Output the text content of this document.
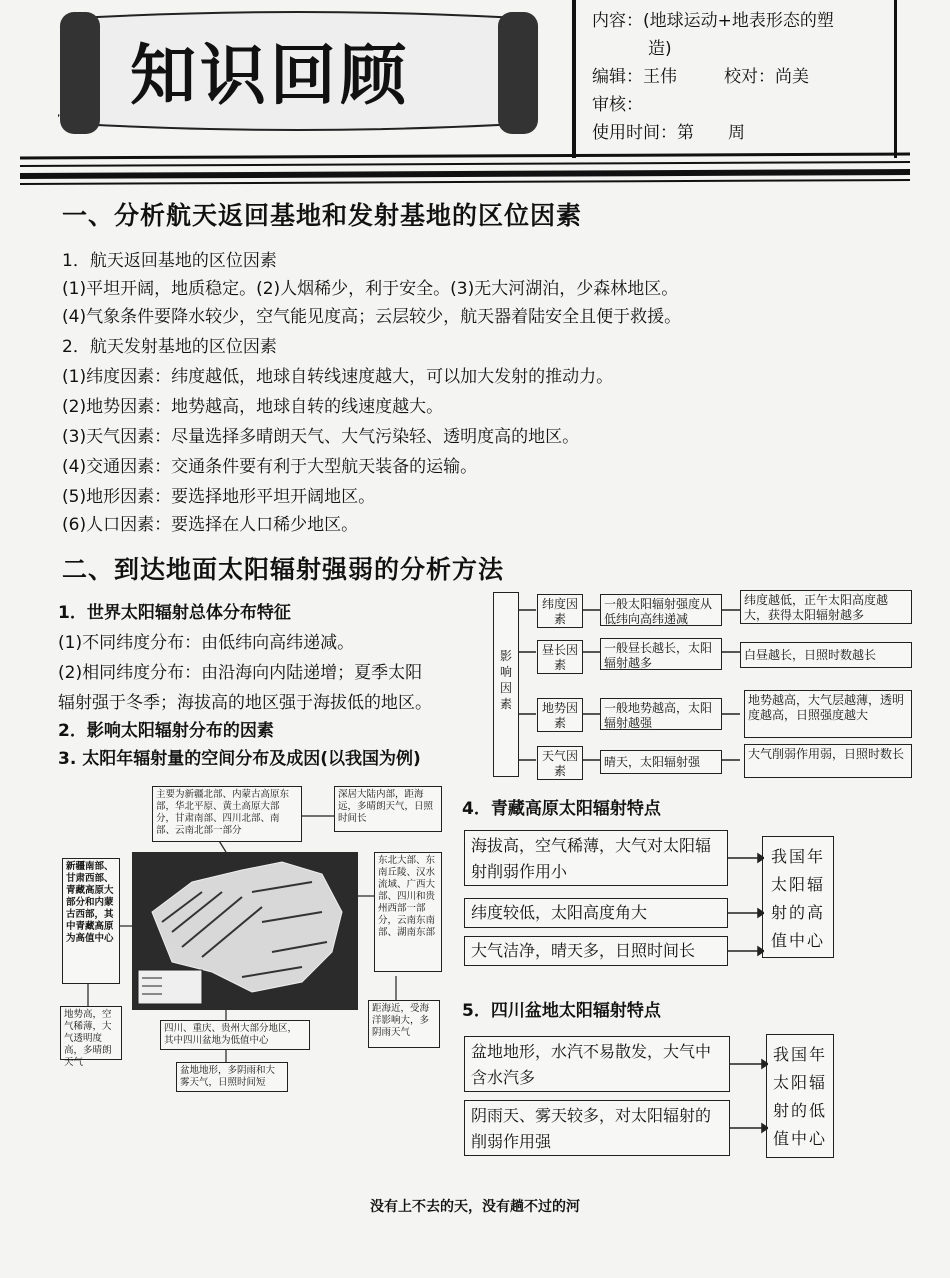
知识回顾
内容：(地球运动+地表形态的塑
造)
编辑：王伟	校对：尚美
审核：
使用时间：第　　周
一、分析航天返回基地和发射基地的区位因素
1．航天返回基地的区位因素
(1)平坦开阔，地质稳定。(2)人烟稀少，利于安全。(3)无大河湖泊，少森林地区。
(4)气象条件要降水较少，空气能见度高；云层较少，航天器着陆安全且便于救援。
2．航天发射基地的区位因素
(1)纬度因素：纬度越低，地球自转线速度越大，可以加大发射的推动力。
(2)地势因素：地势越高，地球自转的线速度越大。
(3)天气因素：尽量选择多晴朗天气、大气污染轻、透明度高的地区。
(4)交通因素：交通条件要有利于大型航天装备的运输。
(5)地形因素：要选择地形平坦开阔地区。
(6)人口因素：要选择在人口稀少地区。
二、到达地面太阳辐射强弱的分析方法
1．世界太阳辐射总体分布特征
(1)不同纬度分布：由低纬向高纬递减。
(2)相同纬度分布：由沿海向内陆递增；夏季太阳
辐射强于冬季；海拔高的地区强于海拔低的地区。
2．影响太阳辐射分布的因素
3. 太阳年辐射量的空间分布及成因(以我国为例)
影响因素
纬度因素
一般太阳辐射强度从低纬向高纬递减
纬度越低，正午太阳高度越大，获得太阳辐射越多
昼长因素
一般昼长越长，太阳辐射越多
白昼越长，日照时数越长
地势因素
一般地势越高，太阳辐射越强
地势越高，大气层越薄，透明度越高，日照强度越大
天气因素
晴天，太阳辐射强
大气削弱作用弱，日照时数长
主要为新疆北部、内蒙古高原东部，华北平原、黄土高原大部分，甘肃南部、四川北部、南部、云南北部一部分
深居大陆内部，距海远，多晴朗天气，日照时间长
新疆南部、甘肃西部、青藏高原大部分和内蒙古西部，其中青藏高原为高值中心
地势高，空气稀薄，大气透明度高，多晴朗天气
东北大部、东南丘陵、汉水流域、广西大部、四川和贵州西部一部分，云南东南部、湖南东部
距海近，受海洋影响大，多阴雨天气
四川、重庆、贵州大部分地区，其中四川盆地为低值中心
盆地地形，多阴雨和大雾天气，日照时间短
4．青藏高原太阳辐射特点
海拔高，空气稀薄，大气对太阳辐射削弱作用小
纬度较低，太阳高度角大
大气洁净，晴天多，日照时间长
我国年太阳辐射的高值中心
5．四川盆地太阳辐射特点
盆地地形，水汽不易散发，大气中含水汽多
阴雨天、雾天较多，对太阳辐射的削弱作用强
我国年太阳辐射的低值中心
没有上不去的天，没有趟不过的河
